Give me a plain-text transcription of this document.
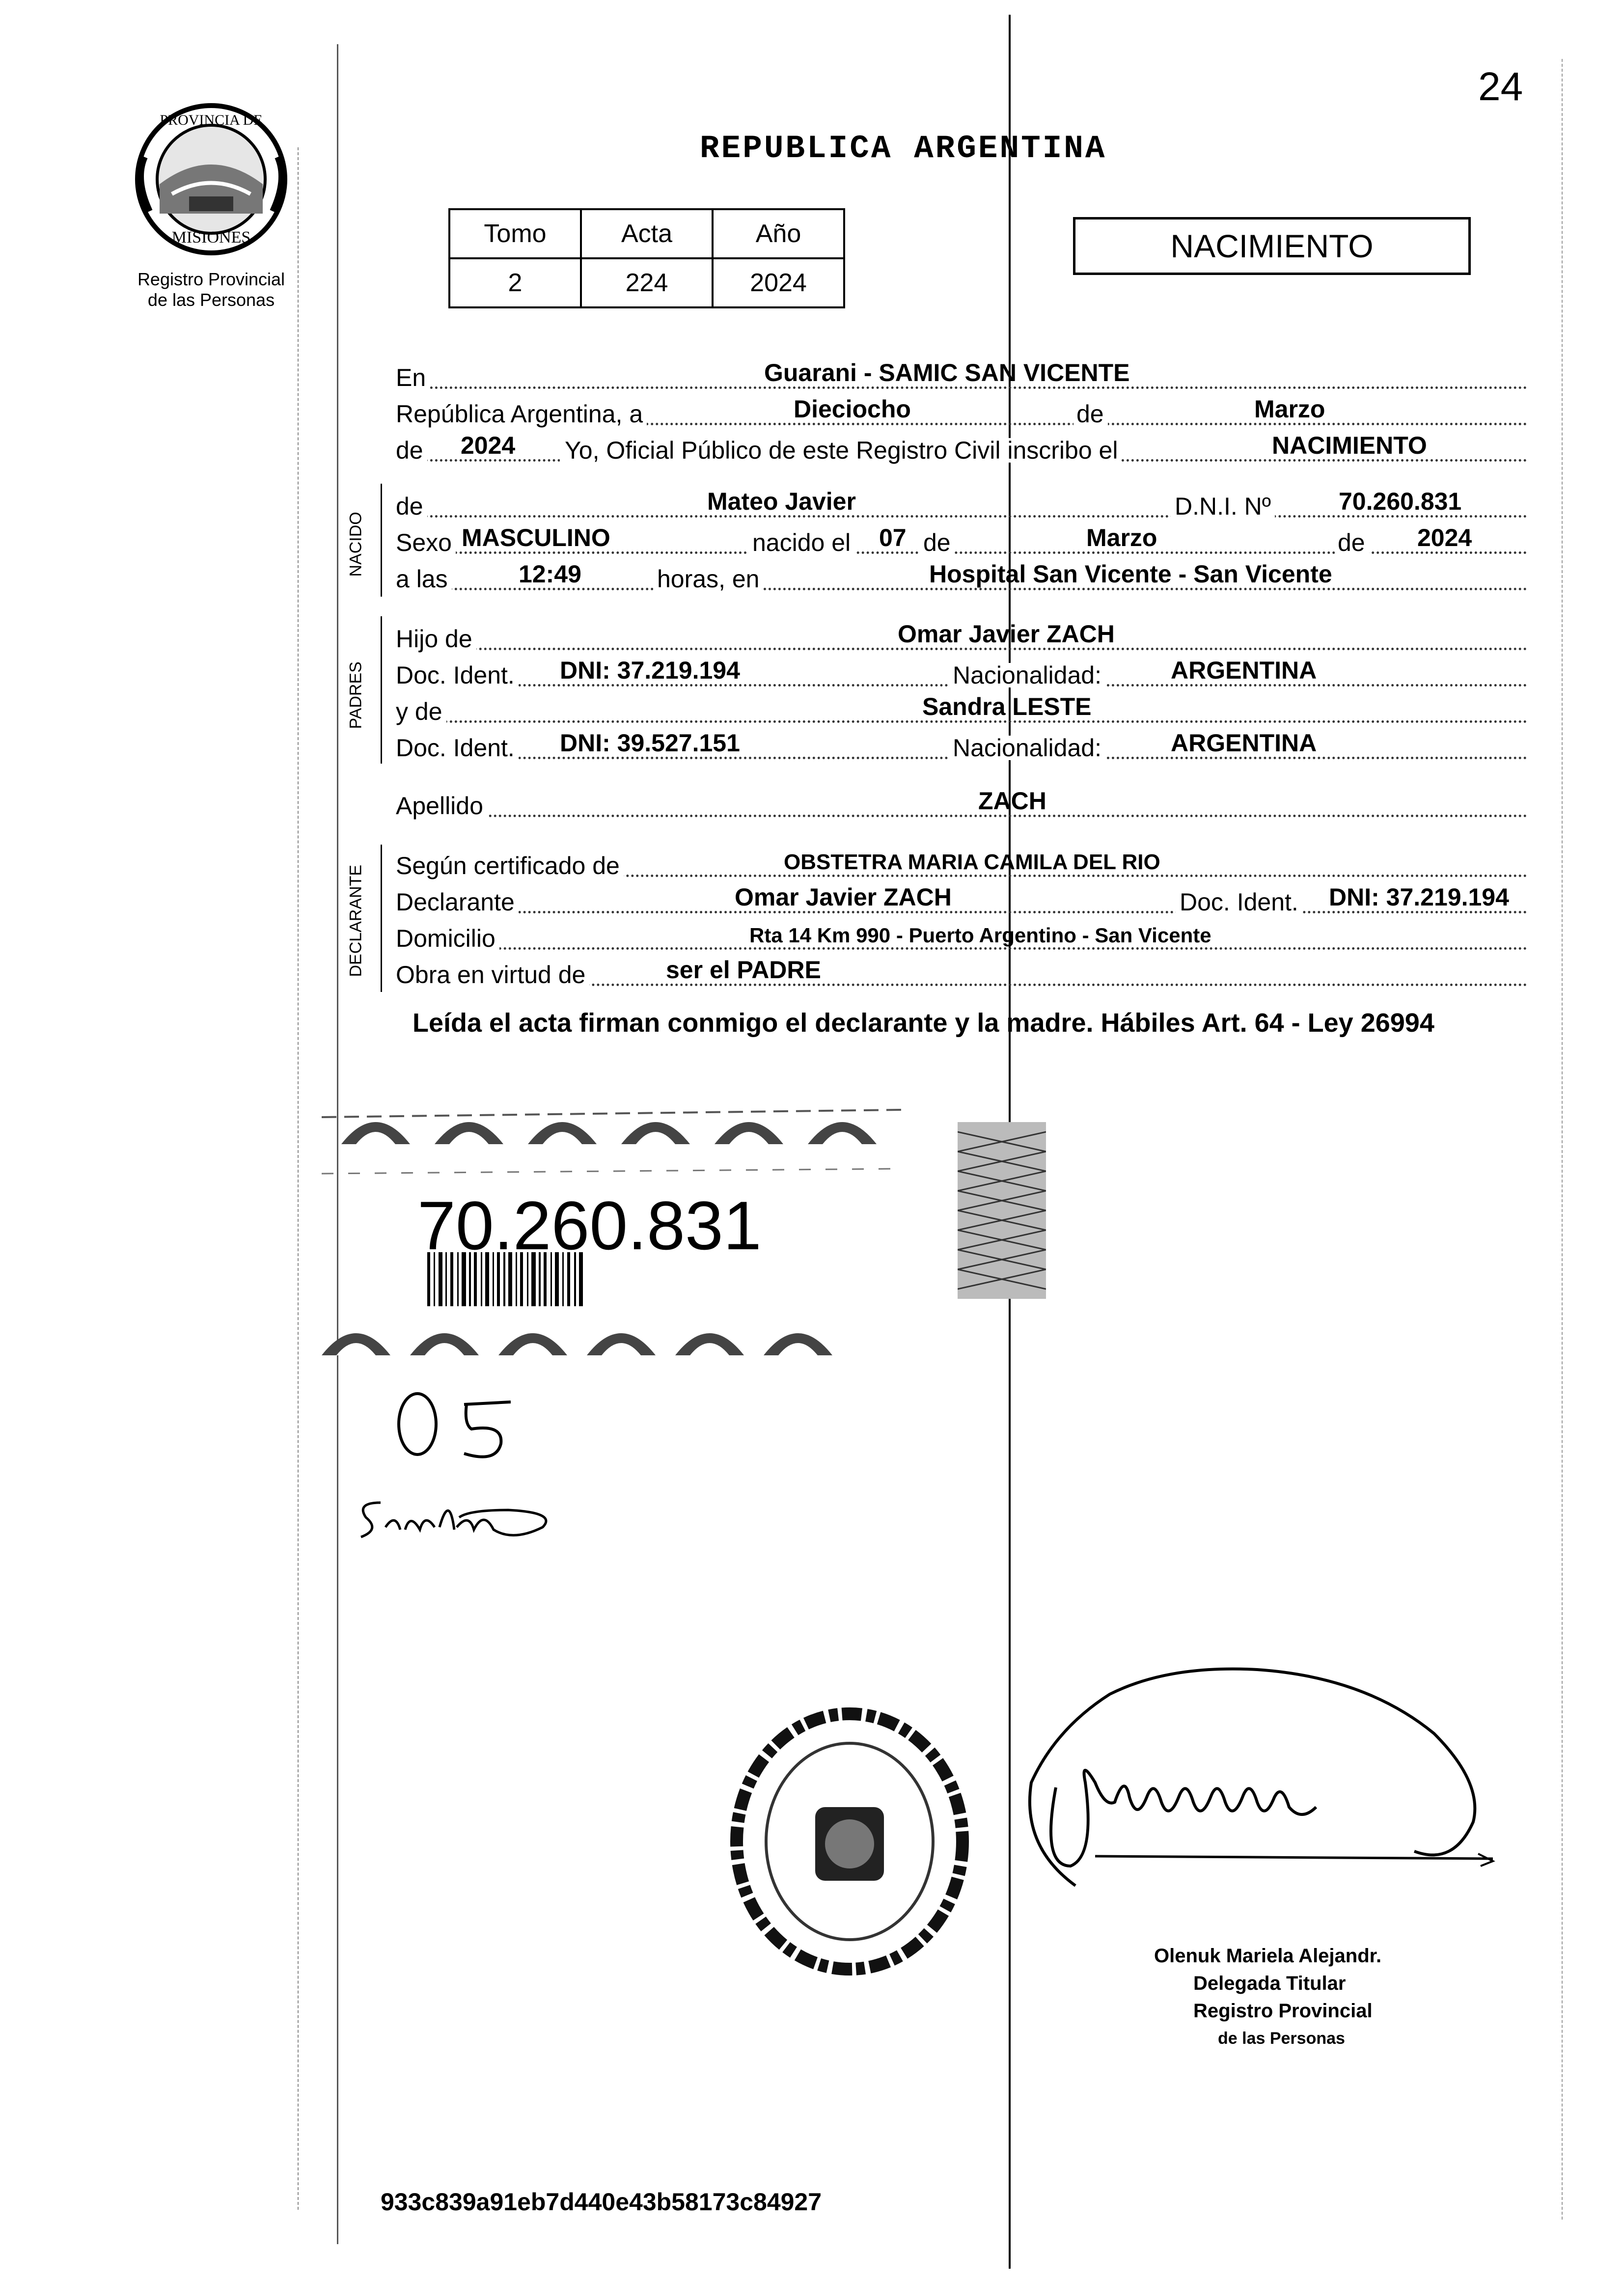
24
PROVINCIA DE
MISIONES
Registro Provincial
de las Personas
REPUBLICA ARGENTINA
Tomo	Acta	Año
2	224	2024
NACIMIENTO
NACIDO
PADRES
DECLARANTE
En	Guarani - SAMIC SAN VICENTE
República Argentina, a	Dieciocho	de	Marzo
de 2024 Yo, Oficial Público de este Registro Civil inscribo el	NACIMIENTO
de	Mateo Javier	D.N.I. Nº	70.260.831
Sexo MASCULINO	nacido el 07 de	Marzo	de 2024
a las	12:49	horas, en	Hospital San Vicente - San Vicente
Hijo de	Omar Javier ZACH
Doc. Ident. DNI: 37.219.194	Nacionalidad:	ARGENTINA
y de	Sandra LESTE
Doc. Ident. DNI: 39.527.151	Nacionalidad:	ARGENTINA
Apellido	ZACH
Según certificado de	OBSTETRA MARIA CAMILA DEL RIO
Declarante	Omar Javier ZACH	Doc. Ident. DNI: 37.219.194
Domicilio	Rta 14 Km 990 - Puerto Argentino - San Vicente
Obra en virtud de	ser el PADRE
Leída el acta firman conmigo el declarante y la madre. Hábiles Art. 64 - Ley 26994
70.260.831
Olenuk Mariela Alejandr.
Delegada Titular
Registro Provincial
de las Personas
933c839a91eb7d440e43b58173c84927
